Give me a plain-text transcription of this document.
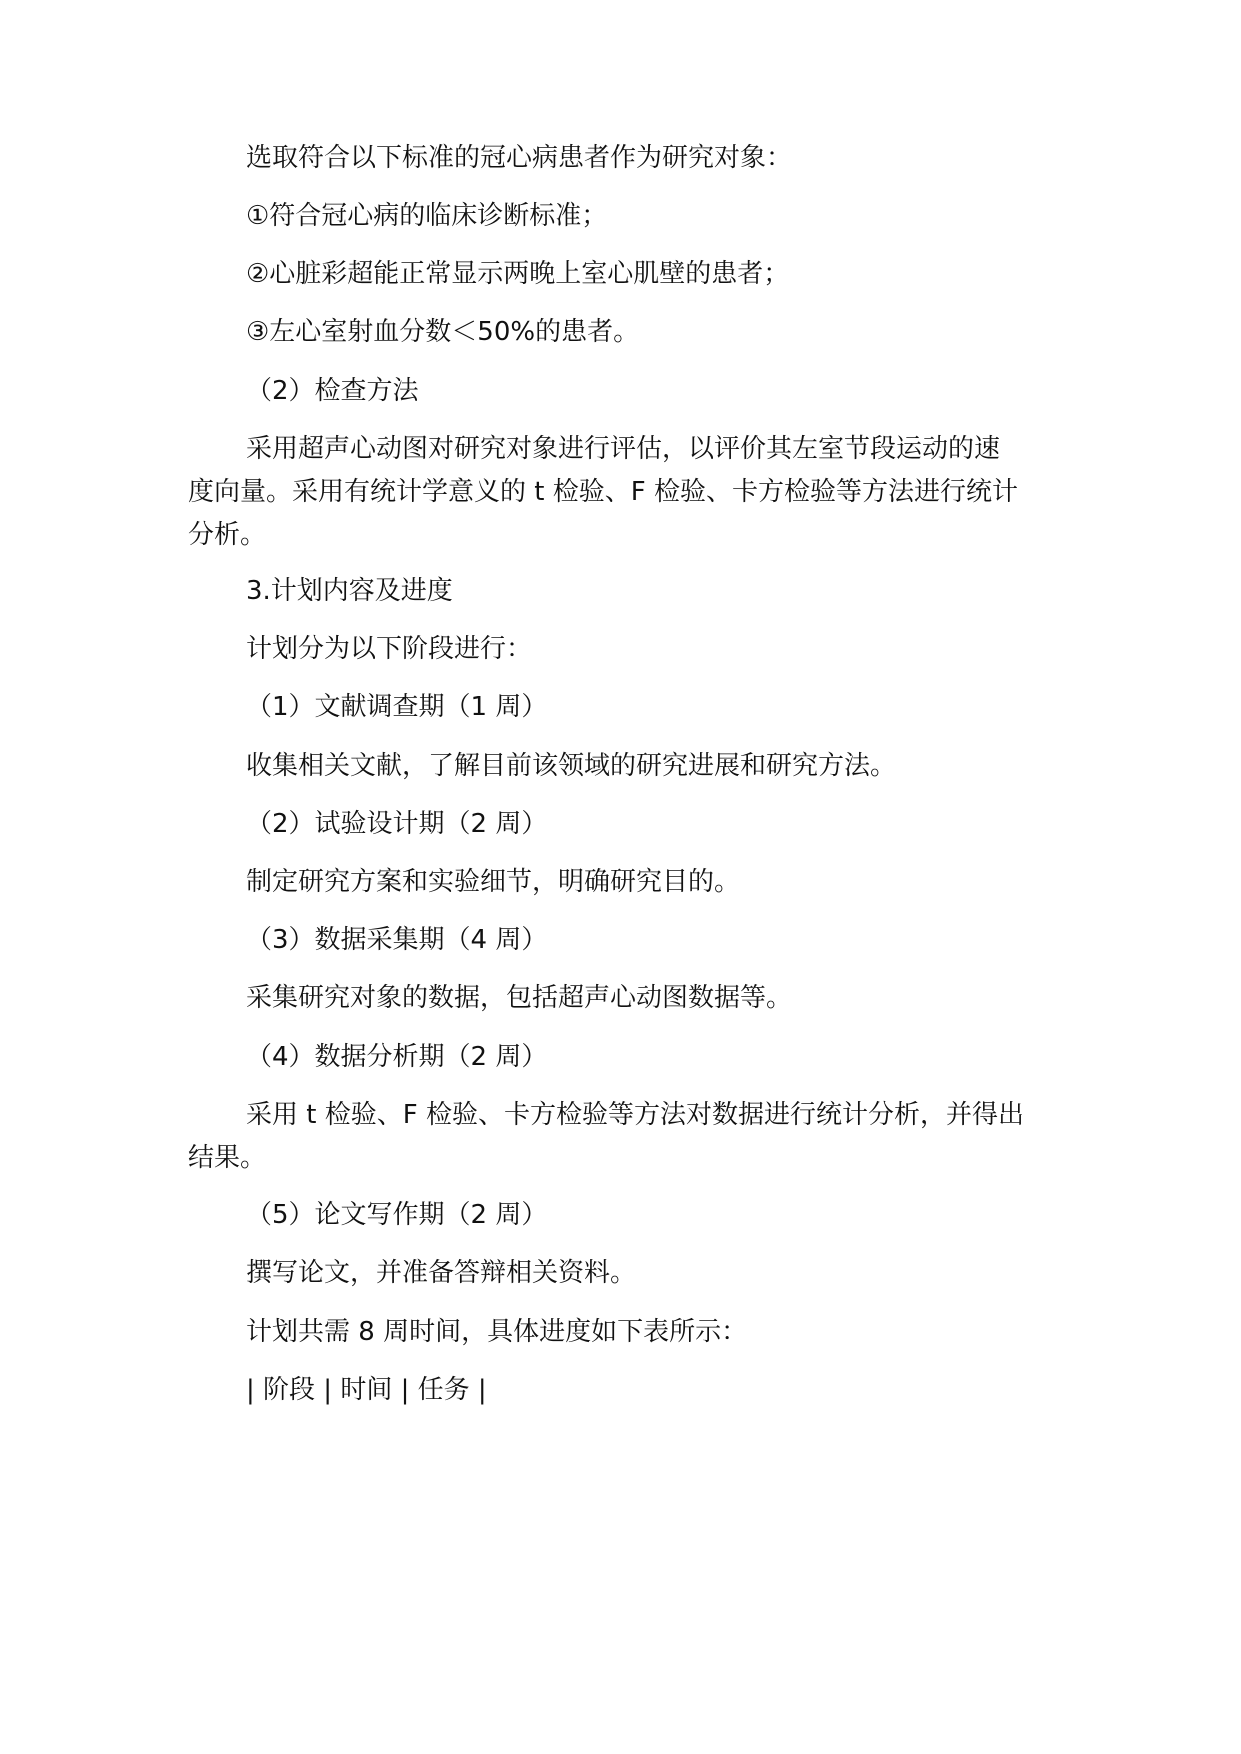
选取符合以下标准的冠心病患者作为研究对象：
①符合冠心病的临床诊断标准；
②心脏彩超能正常显示两晚上室心肌壁的患者；
③左心室射血分数＜50%的患者。
（2）检查方法
采用超声心动图对研究对象进行评估，以评价其左室节段运动的速
度向量。采用有统计学意义的 t 检验、F 检验、卡方检验等方法进行统计
分析。
3.计划内容及进度
计划分为以下阶段进行：
（1）文献调查期（1 周）
收集相关文献，了解目前该领域的研究进展和研究方法。
（2）试验设计期（2 周）
制定研究方案和实验细节，明确研究目的。
（3）数据采集期（4 周）
采集研究对象的数据，包括超声心动图数据等。
（4）数据分析期（2 周）
采用 t 检验、F 检验、卡方检验等方法对数据进行统计分析，并得出
结果。
（5）论文写作期（2 周）
撰写论文，并准备答辩相关资料。
计划共需 8 周时间，具体进度如下表所示：
| 阶段 | 时间 | 任务 |
